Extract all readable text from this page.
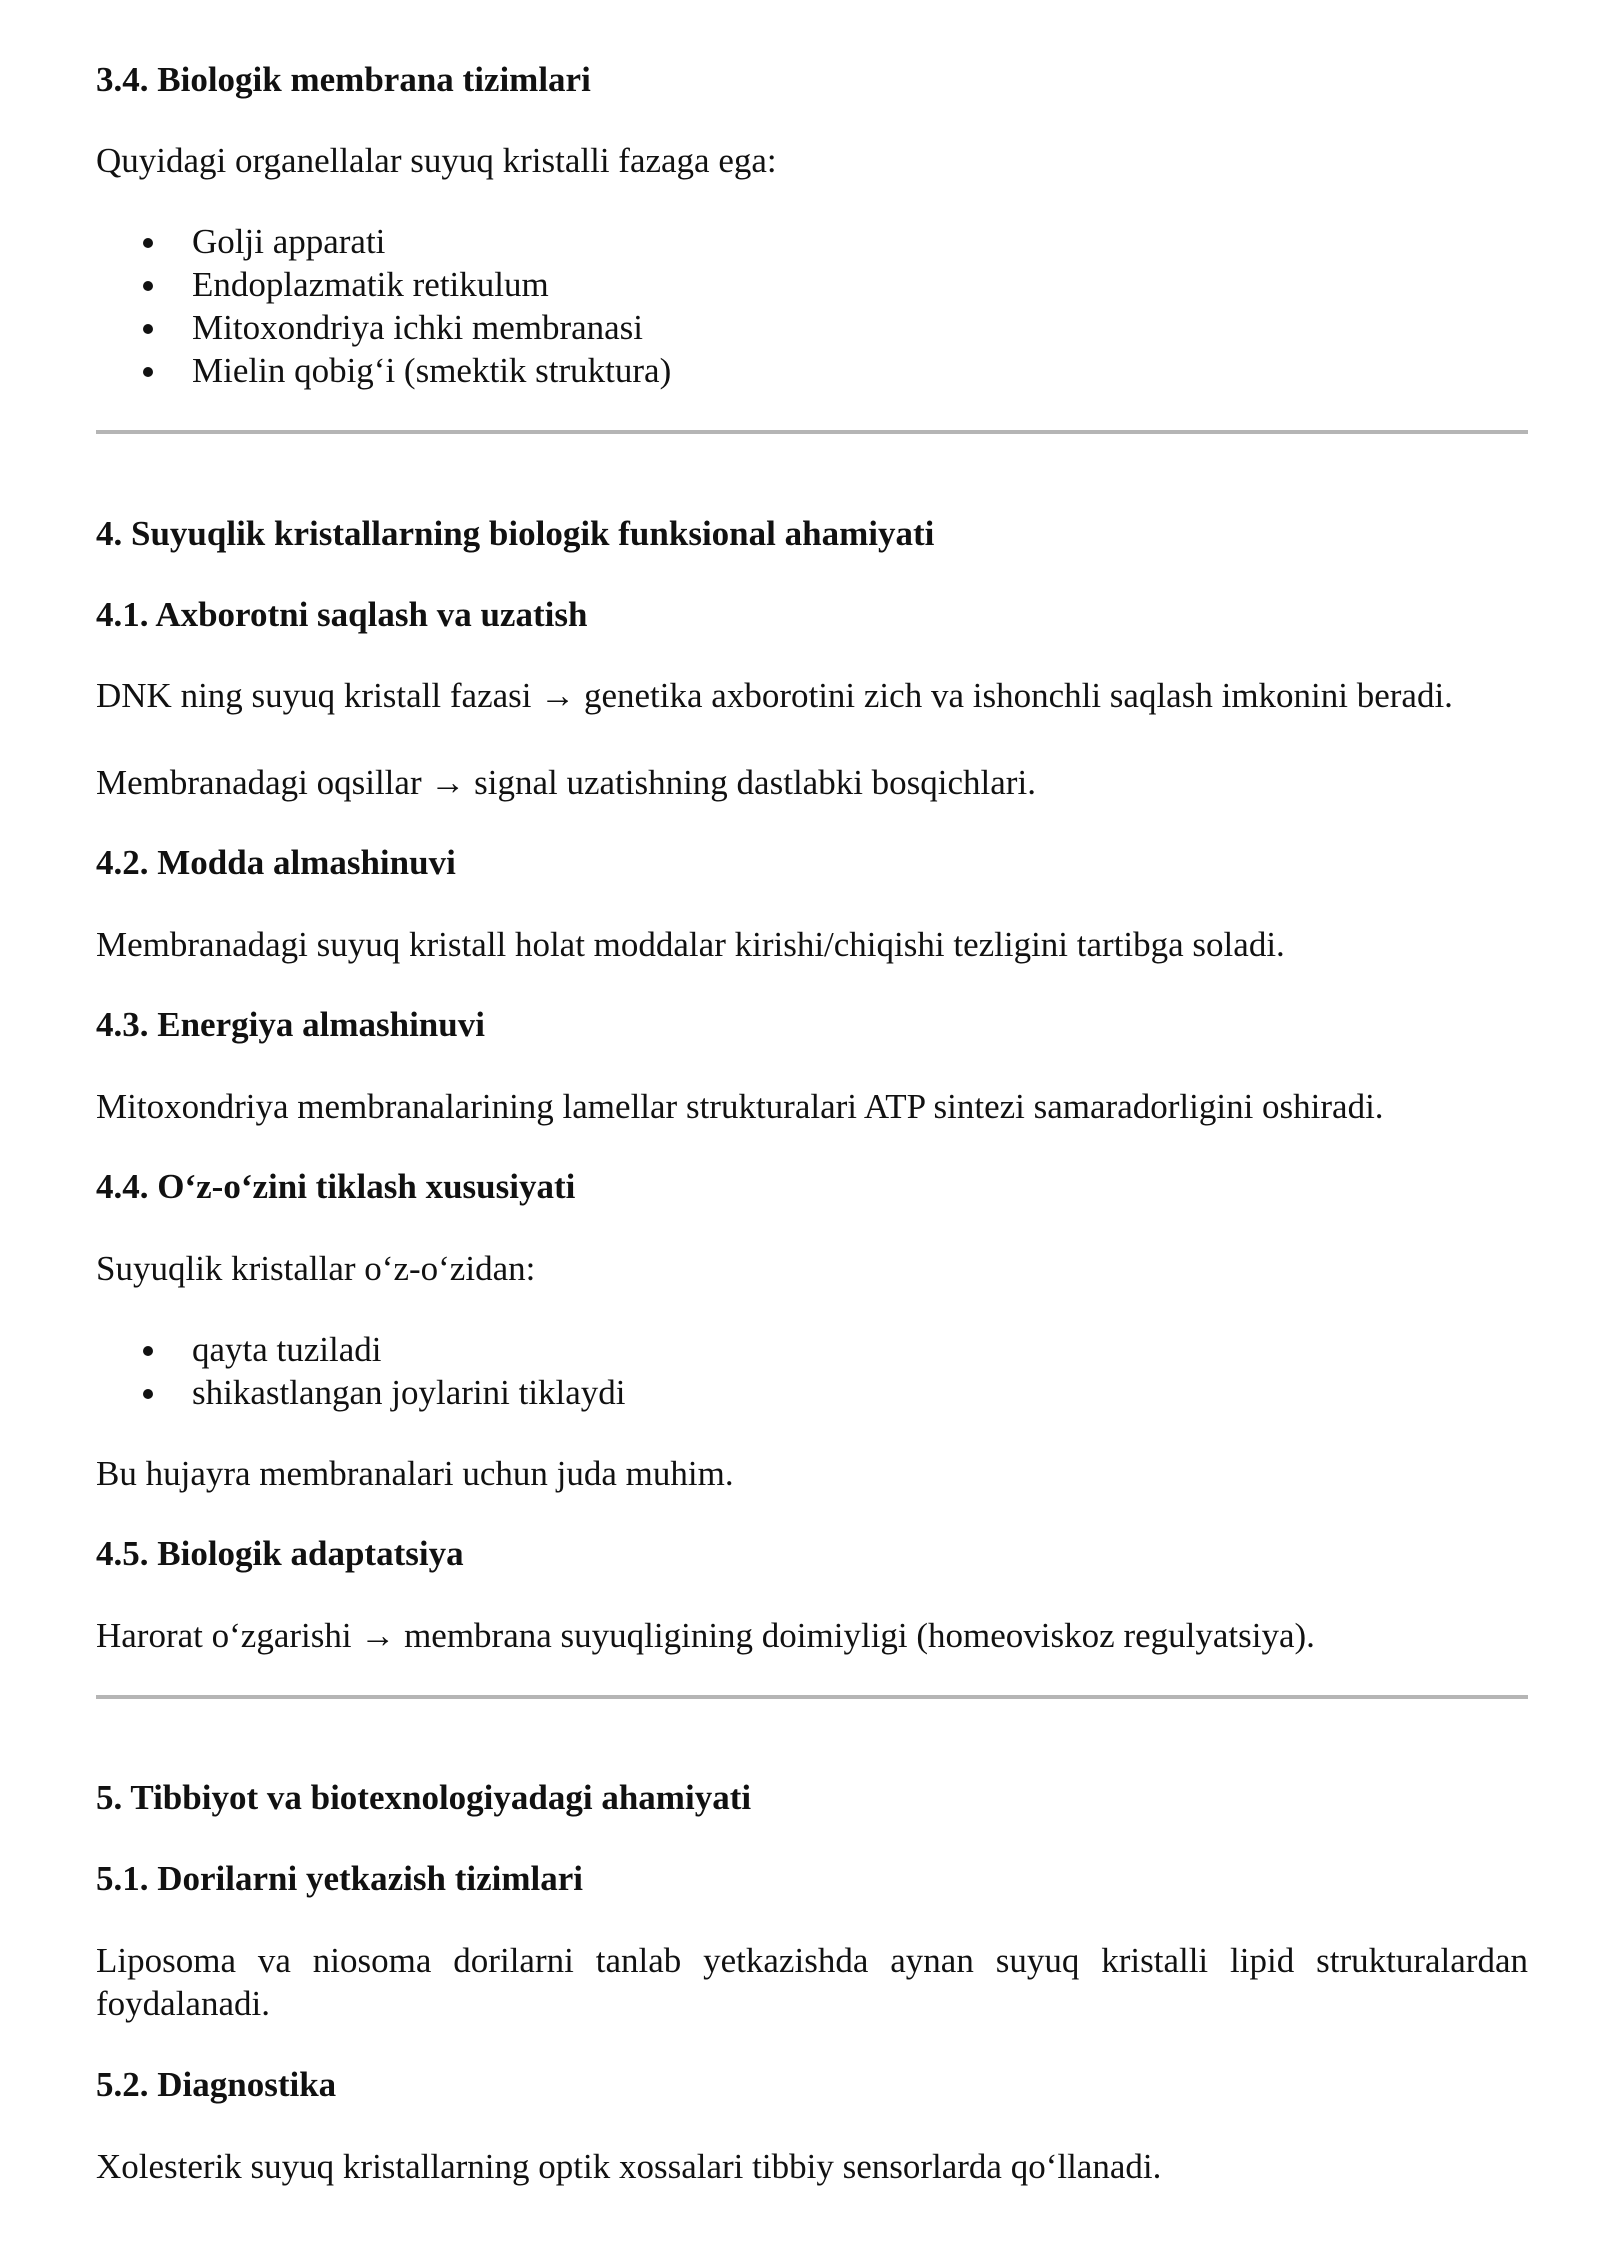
3.4. Biologik membrana tizimlari

Quyidagi organellalar suyuq kristalli fazaga ega:

Golji apparati
Endoplazmatik retikulum
Mitoxondriya ichki membranasi
Mielin qobig‘i (smektik struktura)
4. Suyuqlik kristallarning biologik funksional ahamiyati
4.1. Axborotni saqlash va uzatish

DNK ning suyuq kristall fazasi → genetika axborotini zich va ishonchli saqlash imkonini beradi.

Membranadagi oqsillar → signal uzatishning dastlabki bosqichlari.

4.2. Modda almashinuvi

Membranadagi suyuq kristall holat moddalar kirishi/chiqishi tezligini tartibga soladi.

4.3. Energiya almashinuvi

Mitoxondriya membranalarining lamellar strukturalari ATP sintezi samaradorligini oshiradi.

4.4. O‘z-o‘zini tiklash xususiyati

Suyuqlik kristallar o‘z-o‘zidan:

qayta tuziladi
shikastlangan joylarini tiklaydi

Bu hujayra membranalari uchun juda muhim.

4.5. Biologik adaptatsiya

Harorat o‘zgarishi → membrana suyuqligining doimiyligi (homeoviskoz regulyatsiya).

5. Tibbiyot va biotexnologiyadagi ahamiyati
5.1. Dorilarni yetkazish tizimlari

Liposoma va niosoma dorilarni tanlab yetkazishda aynan suyuq kristalli lipid strukturalardan foydalanadi.

5.2. Diagnostika

Xolesterik suyuq kristallarning optik xossalari tibbiy sensorlarda qo‘llanadi.
